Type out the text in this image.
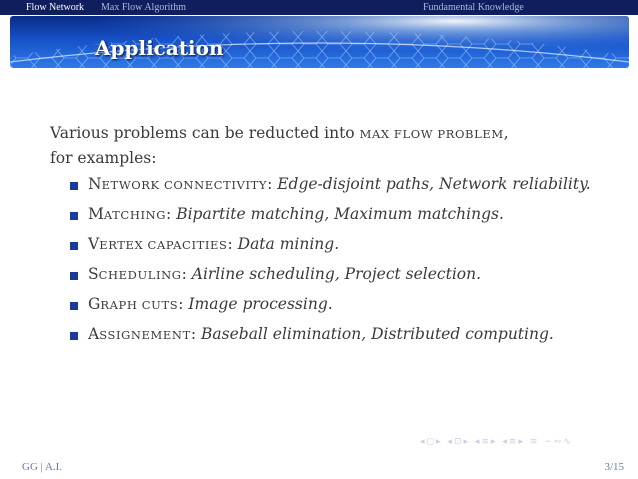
Flow Network Max Flow Algorithm	Fundamental Knowledge
Application

Various problems can be reducted into MAX FLOW PROBLEM,
for examples:

NETWORK CONNECTIVITY: Edge-disjoint paths, Network reliability.
MATCHING: Bipartite matching, Maximum matchings.
VERTEX CAPACITIES: Data mining.
SCHEDULING: Airline scheduling, Project selection.
GRAPH CUTS: Image processing.
ASSIGNEMENT: Baseball elimination, Distributed computing.
◂◻▸ ◂⊡▸ ◂≡▸ ◂≡▸ ≡ ∽∾∿
GG | A.I.	3/15
